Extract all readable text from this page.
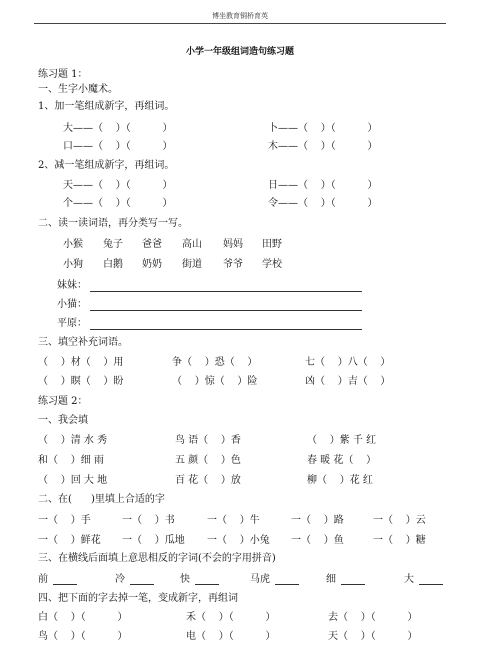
博坐教育铜桥育英
小学一年级组词造句练习题
练习题 1：
一、生字小魔术。
1、加一笔组成新字，再组词。
大——（    ）（          ）	卜——（    ）（          ）
口——（    ）（          ）	木——（    ）（          ）
2、减一笔组成新字，再组词。
天——（    ）（          ）	日——（    ）（          ）
个——（    ）（          ）	令——（    ）（          ）
二、读一读词语，再分类写一写。
小猴 兔子 爸爸 高山 妈妈 田野
小狗 白鹅 奶奶 街道 爷爷 学校
妹妹：
小猫：
平原：
三、填空补充词语。
（    ）材（    ）用	争（    ）恐（    ）	七（    ）八（    ）
（    ）瞑（    ）盼	（    ）惊（    ）险	凶（    ）吉（    ）
练习题 2：
一、我会填
（    ）清 水 秀	鸟 语（    ）香	（    ）紫 千 红
和（    ）细 雨	五 颜（    ）色	春 暖 花（    ）
（    ）回 大 地	百 花（    ）放	柳（    ）花 红
二、在(      )里填上合适的字
一（    ）手	一（    ）书	一（    ）牛	一（    ）路	一（    ）云
一（    ）鲜花 一（    ）瓜地 一（    ）小兔 一（    ）鱼	一（    ）糖
三、在横线后面填上意思相反的字词(不会的字用拼音)
前	冷	快	马虎	细	大
四、把下面的字去掉一笔，变成新字，再组词
白（    ）（          ）	禾（    ）（          ）	去（    ）（          ）
鸟（    ）（          ）	电（    ）（          ）	天（    ）（          ）
